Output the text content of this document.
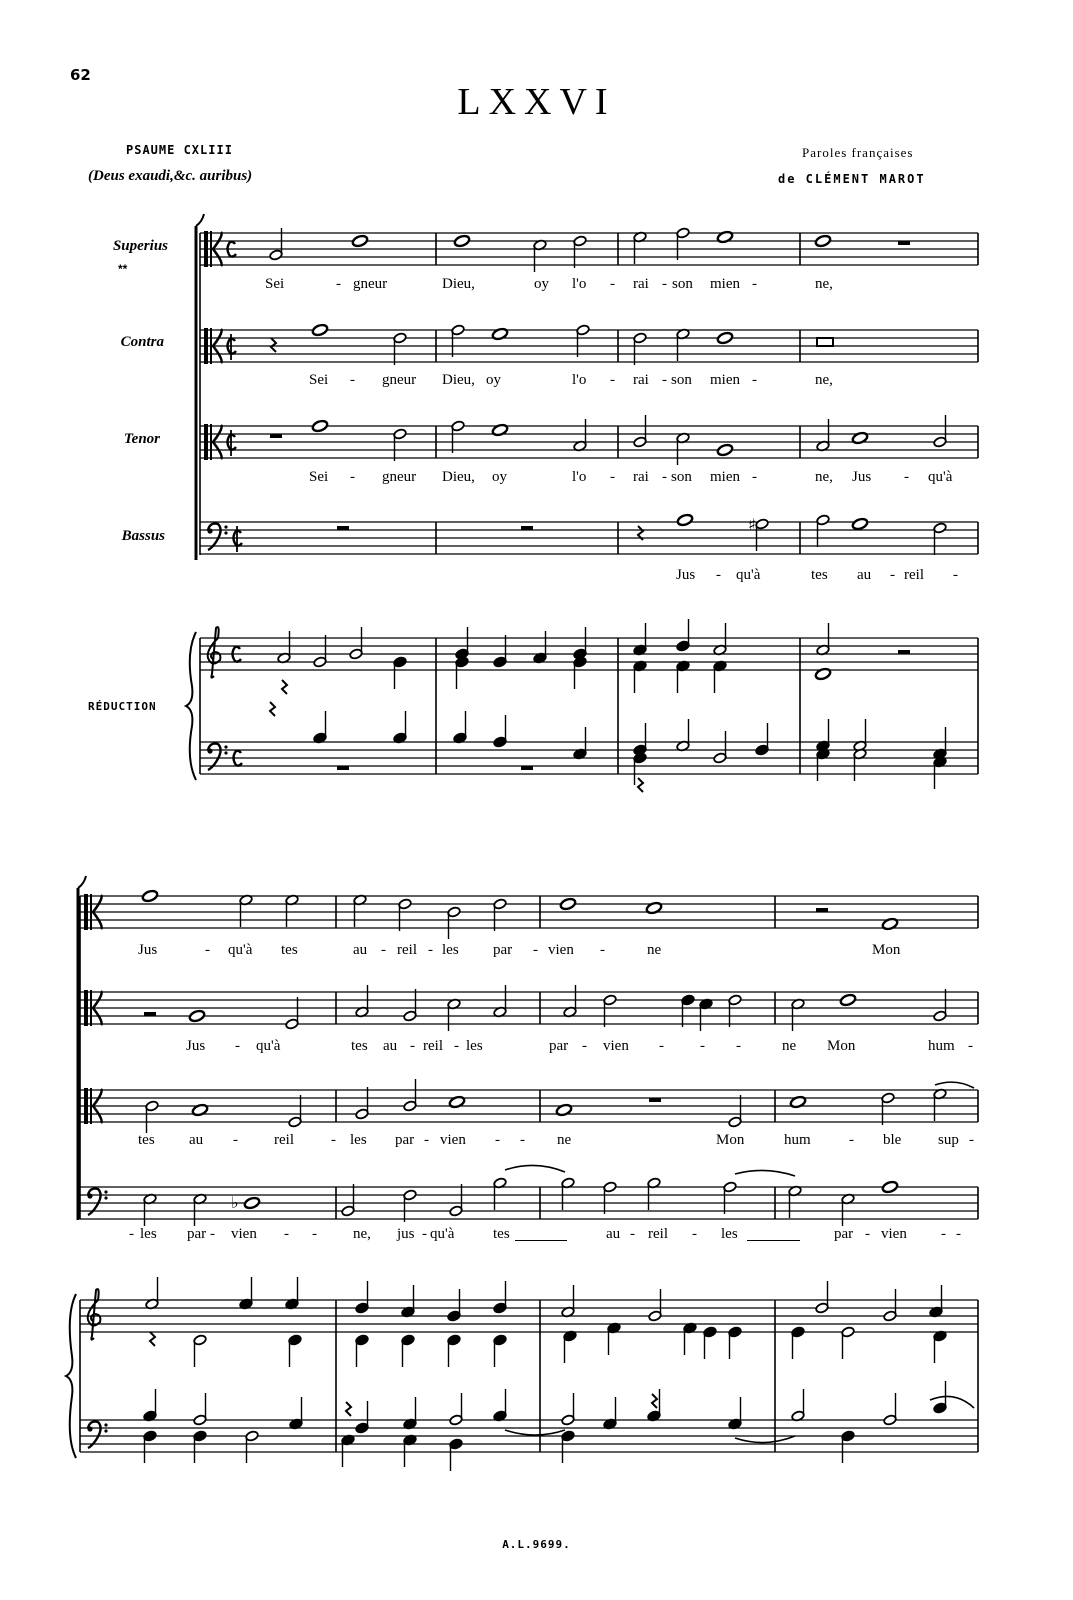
62
LXXVI
PSAUME CXLIII
(Deus exaudi,&c. auribus)
Paroles françaises
de CLÉMENT MAROT
Superius
**
Contra
Tenor
Bassus
RÉDUCTION
A.L.9699.
♯
♭
Sei	- gneur	Dieu,	oy l'o - rai - son mien -	ne,
Sei - gneur Dieu, oy	l'o - rai - son mien -	ne,
Sei - gneur Dieu, oy	l'o - rai - son mien -	ne, Jus - qu'à
Jus - qu'à	tes au - reil -
Jus	- qu'à tes	au - reil - les par - vien -	ne	Mon
Jus - qu'à	tes au - reil - les	par - vien - - -	ne Mon	hum -
tes au - reil - les par - vien - - ne	Mon	hum	- ble sup -
- les par - vien - - ne, jus - qu'à	tes	au - reil - les	par - vien - -
